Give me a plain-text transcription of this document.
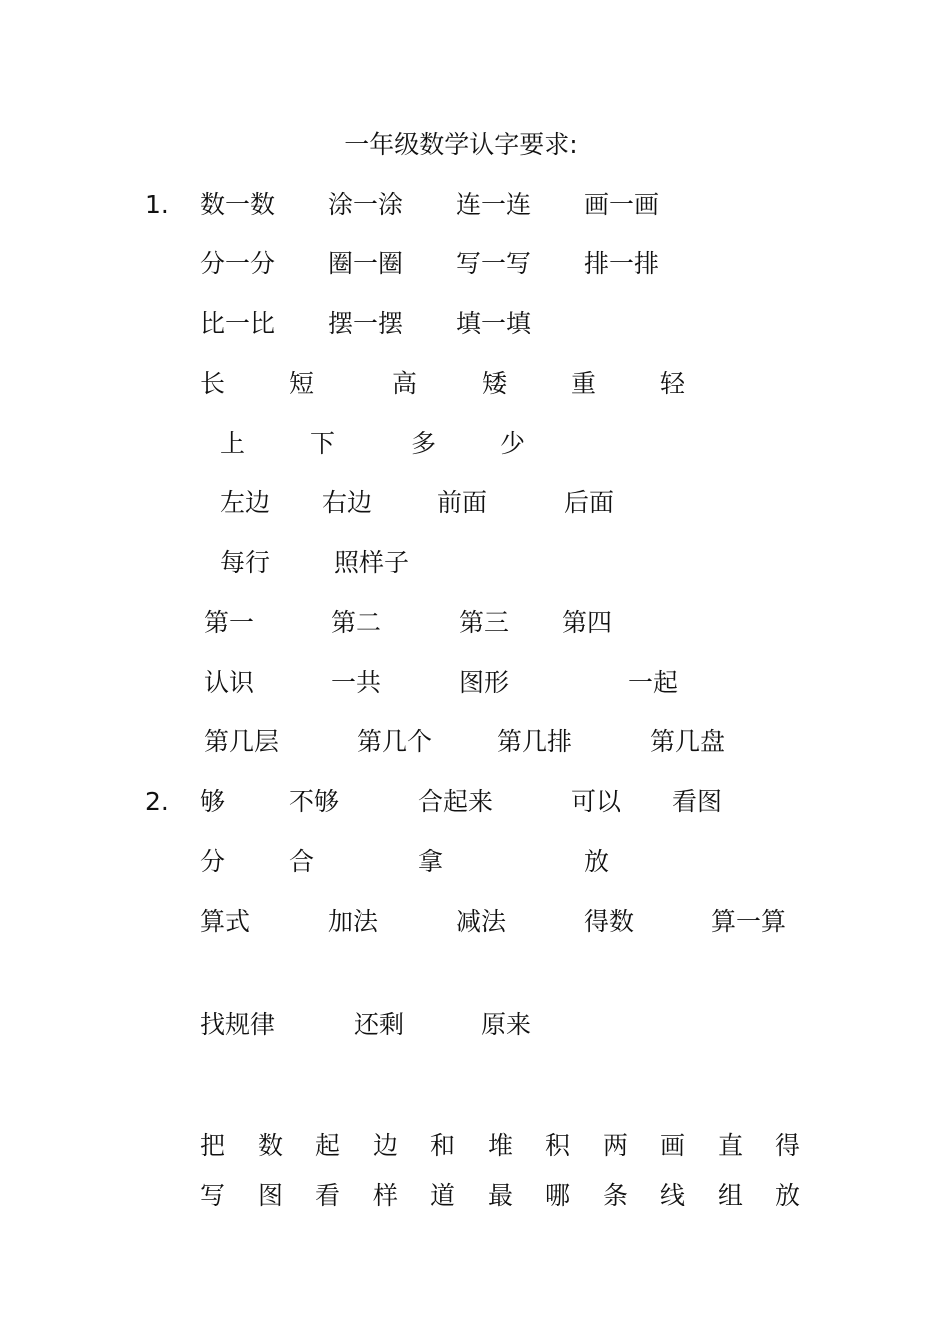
一年级数学认字要求:
1. 数一数 涂一涂 连一连 画一画
分一分 圈一圈 写一写 排一排
比一比 摆一摆 填一填
长	短	高	矮	重	轻
上	下	多	少
左边 右边	前面	后面
每行	照样子
第一	第二	第三 第四
认识	一共	图形	一起
第几层	第几个	第几排	第几盘
2. 够	不够	合起来	可以 看图
分	合	拿	放
算式	加法	减法	得数	算一算
找规律	还剩	原来
把 数 起 边 和 堆 积 两 画 直 得
写 图 看 样 道 最 哪 条 线 组 放
